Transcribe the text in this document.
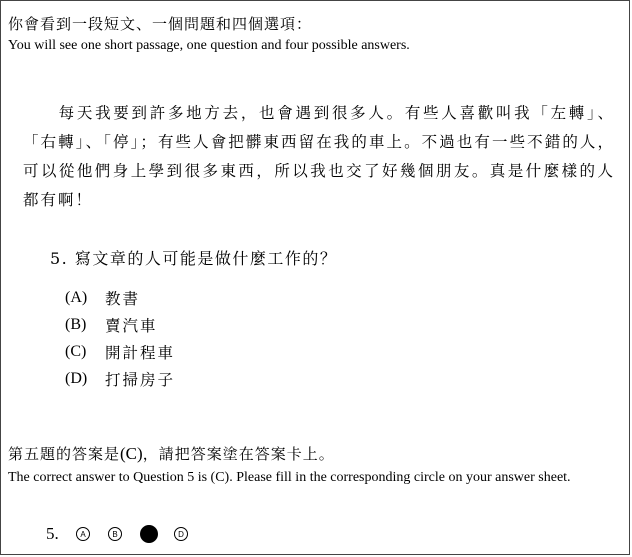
你會看到一段短文、一個問題和四個選項：
You will see one short passage, one question and four possible answers.
每天我要到許多地方去，也會遇到很多人。有些人喜歡叫我「左轉」、「右轉」、「停」；有些人會把髒東西留在我的車上。不過也有一些不錯的人，可以從他們身上學到很多東西，所以我也交了好幾個朋友。真是什麼樣的人都有啊！
5. 寫文章的人可能是做什麼工作的？
(A)	教書
(B)	賣汽車
(C)	開計程車
(D)	打掃房子
第五題的答案是(C)，請把答案塗在答案卡上。
The correct answer to Question 5 is (C). Please fill in the corresponding circle on your answer sheet.
5.	A	B	C	D
